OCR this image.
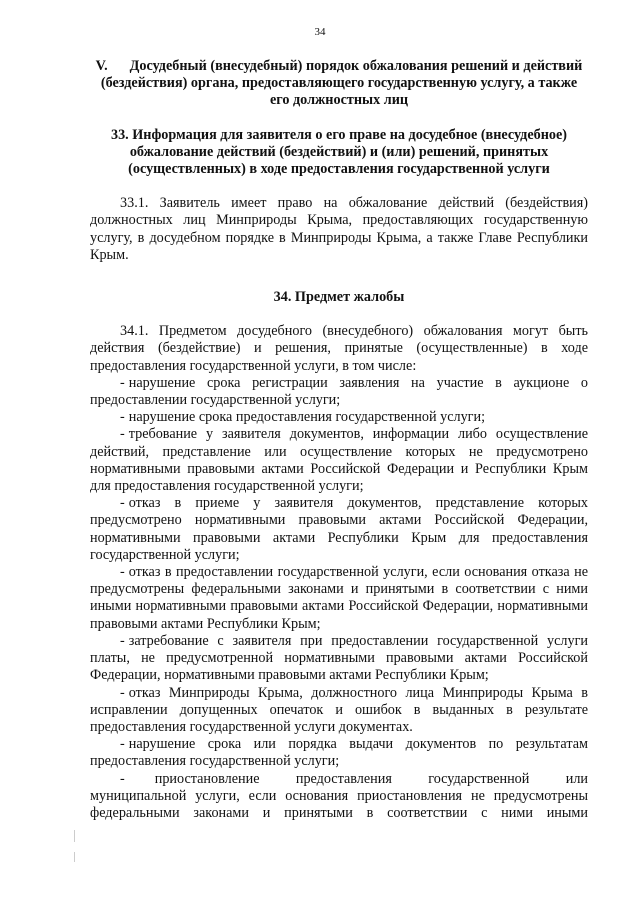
34
V. Досудебный (внесудебный) порядок обжалования решений и действий (бездействия) органа, предоставляющего государственную услугу, а также его должностных лиц
33. Информация для заявителя о его праве на досудебное (внесудебное) обжалование действий (бездействий) и (или) решений, принятых (осуществленных) в ходе предоставления государственной услуги

33.1. Заявитель имеет право на обжалование действий (бездействия) должностных лиц Минприроды Крыма, предоставляющих государственную услугу, в досудебном порядке в Минприроды Крыма, а также Главе Республики Крым.

34. Предмет жалобы

34.1. Предметом досудебного (внесудебного) обжалования могут быть действия (бездействие) и решения, принятые (осуществленные) в ходе предоставления государственной услуги, в том числе:

- нарушение срока регистрации заявления на участие в аукционе о предоставлении государственной услуги;

- нарушение срока предоставления государственной услуги;

- требование у заявителя документов, информации либо осуществление действий, представление или осуществление которых не предусмотрено нормативными правовыми актами Российской Федерации и Республики Крым для предоставления государственной услуги;

- отказ в приеме у заявителя документов, представление которых предусмотрено нормативными правовыми актами Российской Федерации, нормативными правовыми актами Республики Крым для предоставления государственной услуги;

- отказ в предоставлении государственной услуги, если основания отказа не предусмотрены федеральными законами и принятыми в соответствии с ними иными нормативными правовыми актами Российской Федерации, нормативными правовыми актами Республики Крым;

- затребование с заявителя при предоставлении государственной услуги платы, не предусмотренной нормативными правовыми актами Российской Федерации, нормативными правовыми актами Республики Крым;

- отказ Минприроды Крыма, должностного лица Минприроды Крыма в исправлении допущенных опечаток и ошибок в выданных в результате предоставления государственной услуги документах.

- нарушение срока или порядка выдачи документов по результатам предоставления государственной услуги;

- приостановление предоставления государственной или

муниципальной услуги, если основания приостановления не предусмотрены

федеральными законами и принятыми в соответствии с ними иными
